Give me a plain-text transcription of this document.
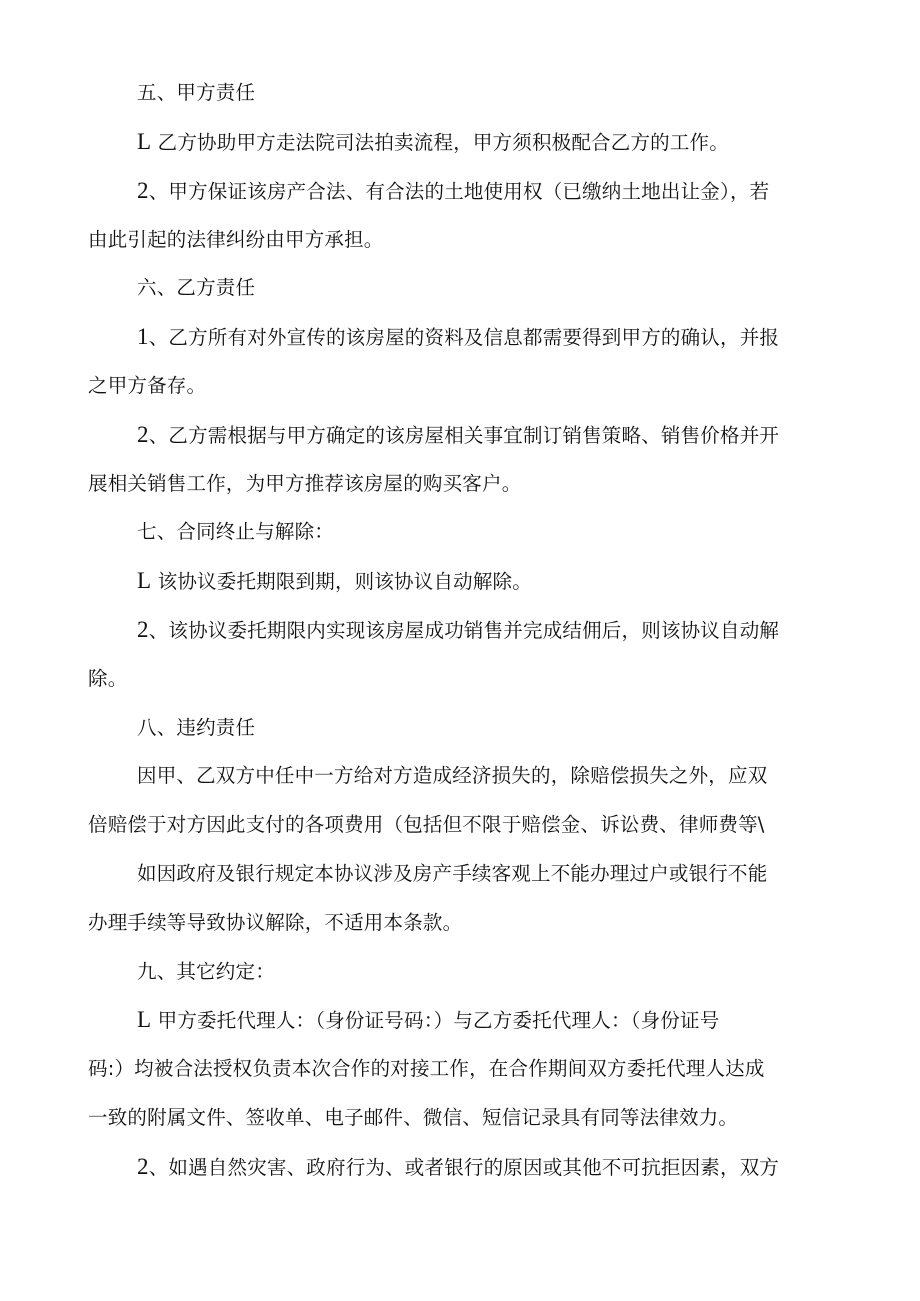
五、甲方责任
L 乙方协助甲方走法院司法拍卖流程，甲方须积极配合乙方的工作。
2、甲方保证该房产合法、有合法的土地使用权（已缴纳土地出让金），若
由此引起的法律纠纷由甲方承担。
六、乙方责任
1、乙方所有对外宣传的该房屋的资料及信息都需要得到甲方的确认，并报
之甲方备存。
2、乙方需根据与甲方确定的该房屋相关事宜制订销售策略、销售价格并开
展相关销售工作，为甲方推荐该房屋的购买客户。
七、合同终止与解除：
L 该协议委托期限到期，则该协议自动解除。
2、该协议委托期限内实现该房屋成功销售并完成结佣后，则该协议自动解
除。
八、违约责任
因甲、乙双方中任中一方给对方造成经济损失的，除赔偿损失之外，应双
倍赔偿于对方因此支付的各项费用（包括但不限于赔偿金、诉讼费、律师费等\
如因政府及银行规定本协议涉及房产手续客观上不能办理过户或银行不能
办理手续等导致协议解除，不适用本条款。
九、其它约定：
L 甲方委托代理人：（身份证号码：）与乙方委托代理人：（身份证号
码:）均被合法授权负责本次合作的对接工作，在合作期间双方委托代理人达成
一致的附属文件、签收单、电子邮件、微信、短信记录具有同等法律效力。
2、如遇自然灾害、政府行为、或者银行的原因或其他不可抗拒因素，双方
